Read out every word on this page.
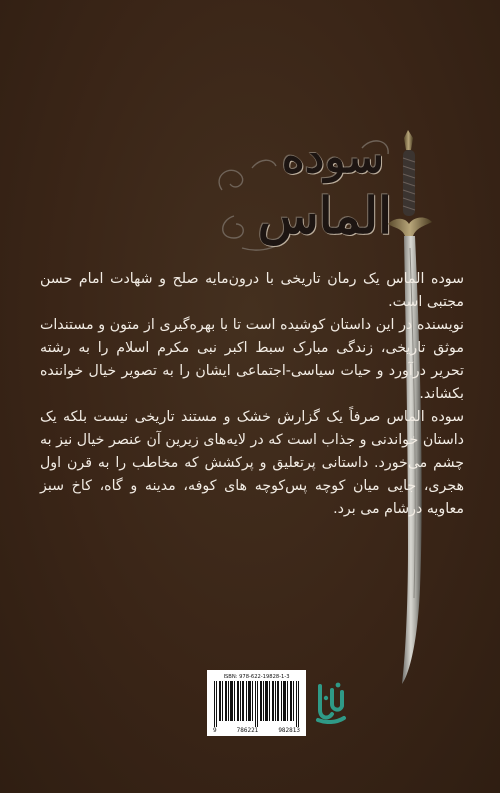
سوده
الماس

سوده الماس یک رمان تاریخی با درون‌مایه صلح و شهادت امام حسن مجتبی است.

نویسنده در این داستان کوشیده است تا با بهره‌گیری از متون و مستندات موثق تاریخی، زندگی مبارک سبط اکبر نبی مکرم اسلام را به رشته تحریر درآورد و حیات سیاسی-اجتماعی ایشان را به تصویر خیال خواننده بکشاند.

سوده الماس صرفاً یک گزارش خشک و مستند تاریخی نیست بلکه یک داستان خواندنی و جذاب است که در لایه‌های زیرین آن عنصر خیال نیز به چشم می‌خورد. داستانی پرتعلیق و پرکشش که مخاطب را به قرن اول هجری، جایی میان کوچه پس‌کوچه های کوفه، مدینه و گاه، کاخ سبز معاویه درشام می برد.

ISBN: 978-622-19828-1-3
9	786221	982813
